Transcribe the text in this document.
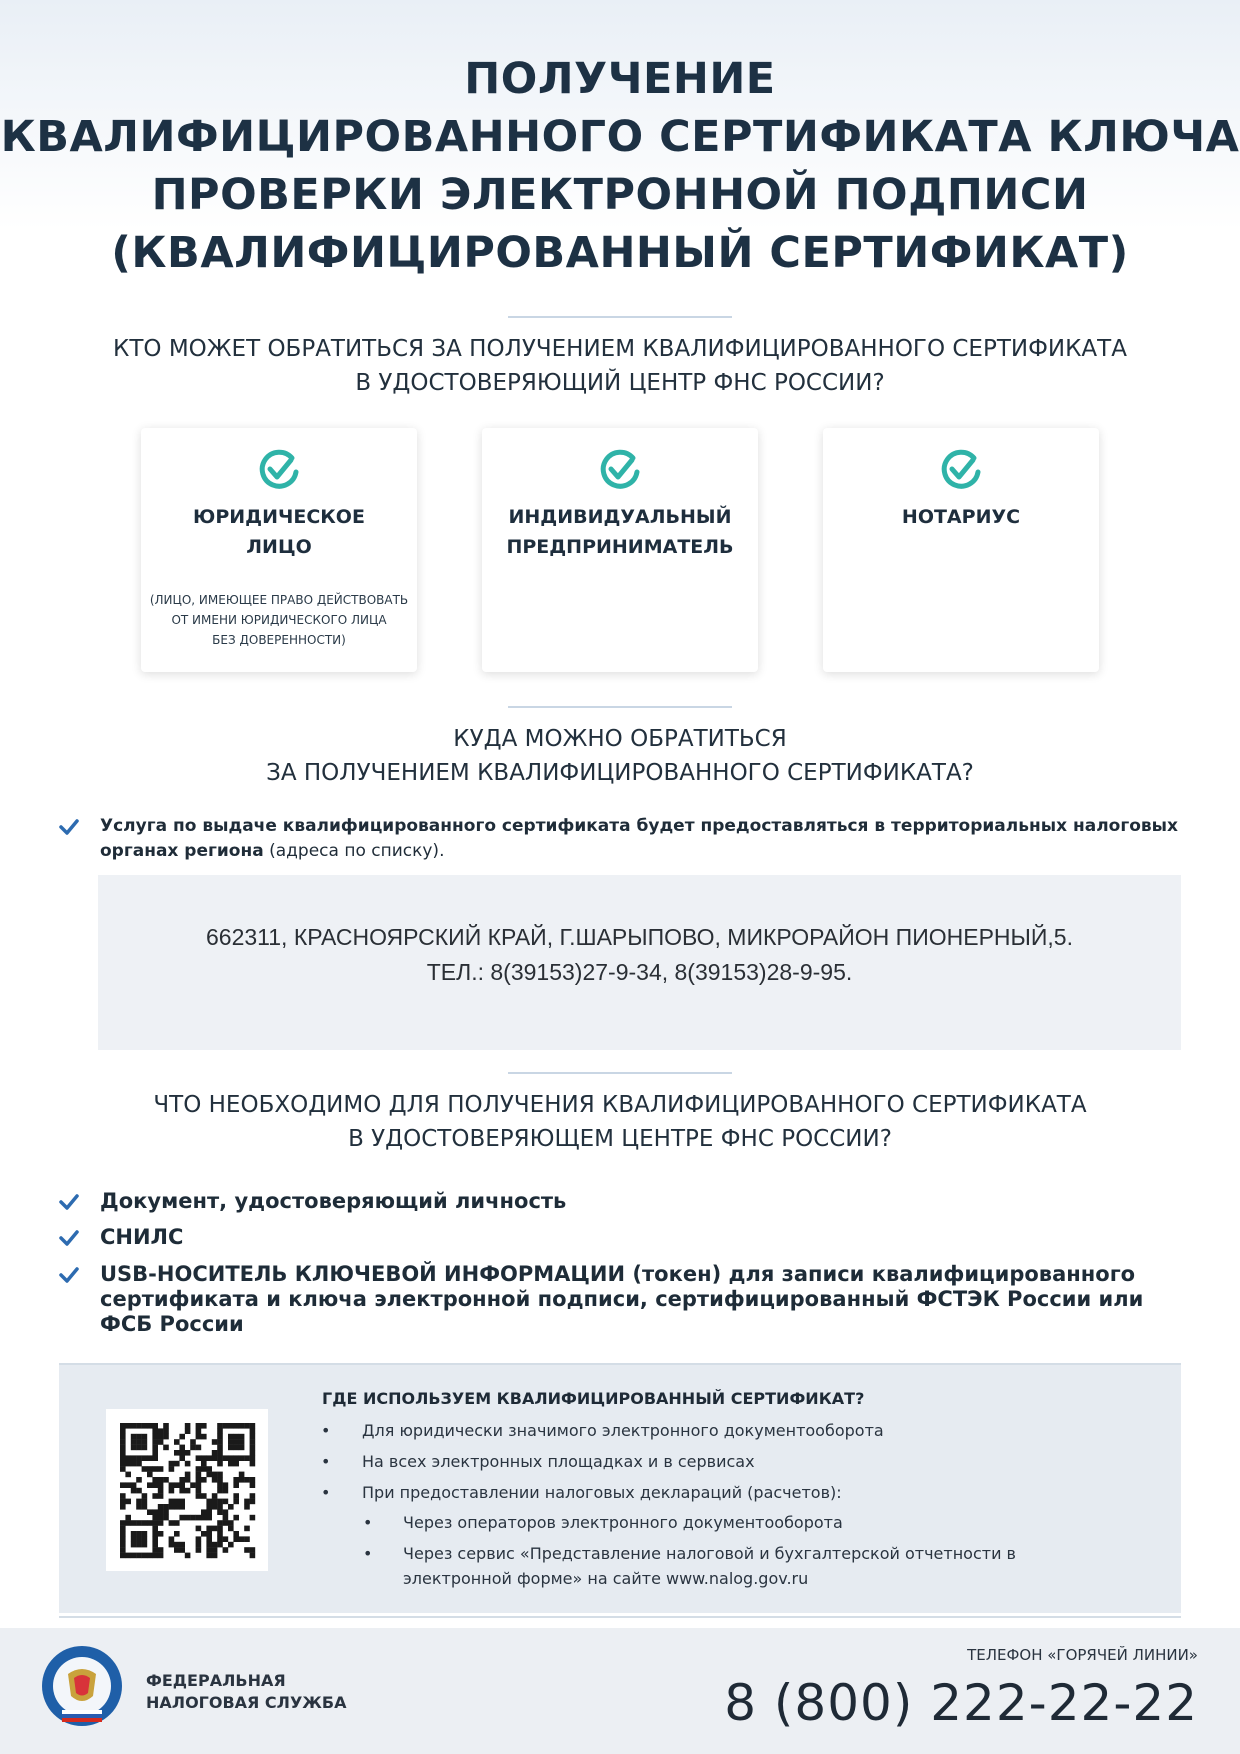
ПОЛУЧЕНИЕ
КВАЛИФИЦИРОВАННОГО СЕРТИФИКАТА КЛЮЧА
ПРОВЕРКИ ЭЛЕКТРОННОЙ ПОДПИСИ
(КВАЛИФИЦИРОВАННЫЙ СЕРТИФИКАТ)
КТО МОЖЕТ ОБРАТИТЬСЯ ЗА ПОЛУЧЕНИЕМ КВАЛИФИЦИРОВАННОГО СЕРТИФИКАТА
В УДОСТОВЕРЯЮЩИЙ ЦЕНТР ФНС РОССИИ?
ЮРИДИЧЕСКОЕ
ЛИЦО
(ЛИЦО, ИМЕЮЩЕЕ ПРАВО ДЕЙСТВОВАТЬ
ОТ ИМЕНИ ЮРИДИЧЕСКОГО ЛИЦА
БЕЗ ДОВЕРЕННОСТИ)
ИНДИВИДУАЛЬНЫЙ
ПРЕДПРИНИМАТЕЛЬ
НОТАРИУС
КУДА МОЖНО ОБРАТИТЬСЯ
ЗА ПОЛУЧЕНИЕМ КВАЛИФИЦИРОВАННОГО СЕРТИФИКАТА?
Услуга по выдаче квалифицированного сертификата будет предоставляться в территориальных налоговых органах региона (адреса по списку).
662311, КРАСНОЯРСКИЙ КРАЙ, Г.ШАРЫПОВО, МИКРОРАЙОН ПИОНЕРНЫЙ,5.
ТЕЛ.: 8(39153)27-9-34, 8(39153)28-9-95.
ЧТО НЕОБХОДИМО ДЛЯ ПОЛУЧЕНИЯ КВАЛИФИЦИРОВАННОГО СЕРТИФИКАТА
В УДОСТОВЕРЯЮЩЕМ ЦЕНТРЕ ФНС РОССИИ?
Документ, удостоверяющий личность
СНИЛС
USB-НОСИТЕЛЬ КЛЮЧЕВОЙ ИНФОРМАЦИИ (токен) для записи квалифицированного сертификата и ключа электронной подписи, сертифицированный ФСТЭК России или ФСБ России
ГДЕ ИСПОЛЬЗУЕМ КВАЛИФИЦИРОВАННЫЙ СЕРТИФИКАТ?
• Для юридически значимого электронного документооборота
• На всех электронных площадках и в сервисах
• При предоставлении налоговых деклараций (расчетов):
• Через операторов электронного документооборота
• Через сервис «Представление налоговой и бухгалтерской отчетности в
электронной форме» на сайте www.nalog.gov.ru
ФЕДЕРАЛЬНАЯ
НАЛОГОВАЯ СЛУЖБА
ТЕЛЕФОН «ГОРЯЧЕЙ ЛИНИИ»
8 (800) 222-22-22
